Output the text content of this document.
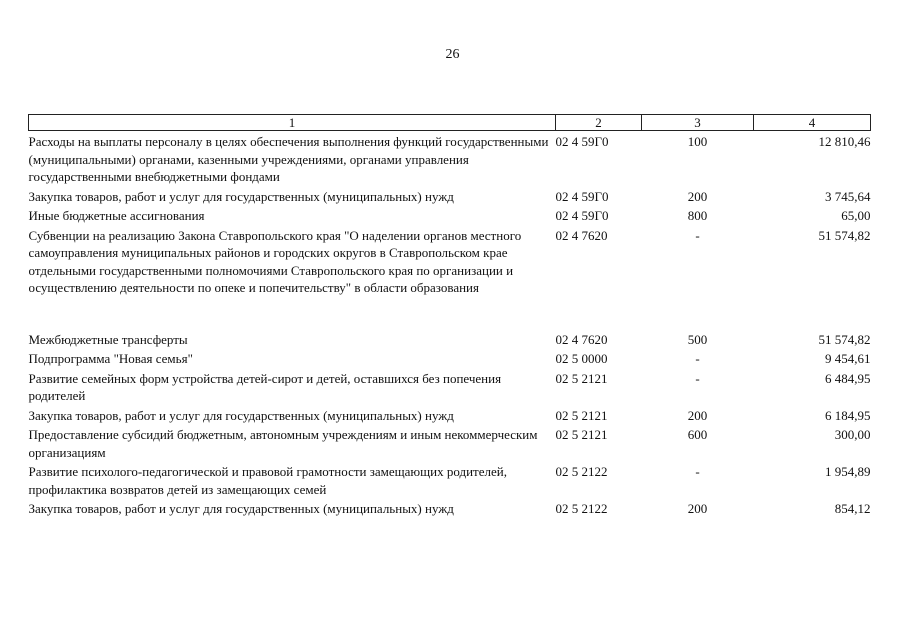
26
1	2	3	4
Расходы на выплаты персоналу в целях обеспечения выполнения функций государственными (муниципальными) органами, казенными учреждениями, органами управления государственными внебюджетными фондами	02 4 59Г0	100	12 810,46
Закупка товаров, работ и услуг для государственных (муниципальных) нужд	02 4 59Г0	200	3 745,64
Иные бюджетные ассигнования	02 4 59Г0	800	65,00
Субвенции на реализацию Закона Ставропольского края "О наделении органов местного самоуправления муниципальных районов и городских округов в Ставропольском крае отдельными государственными полномочиями Ставропольского края по организации и осуществлению деятельности по опеке и попечительству" в области образования	02 4 7620	-	51 574,82

Межбюджетные трансферты	02 4 7620	500	51 574,82
Подпрограмма "Новая семья"	02 5 0000	-	9 454,61
Развитие семейных форм устройства детей-сирот и детей, оставшихся без попечения родителей	02 5 2121	-	6 484,95
Закупка товаров, работ и услуг для государственных (муниципальных) нужд	02 5 2121	200	6 184,95
Предоставление субсидий бюджетным, автономным учреждениям и иным некоммерческим организациям	02 5 2121	600	300,00
Развитие психолого-педагогической и правовой грамотности замещающих родителей, профилактика возвратов детей из замещающих семей	02 5 2122	-	1 954,89
Закупка товаров, работ и услуг для государственных (муниципальных) нужд	02 5 2122	200	854,12
